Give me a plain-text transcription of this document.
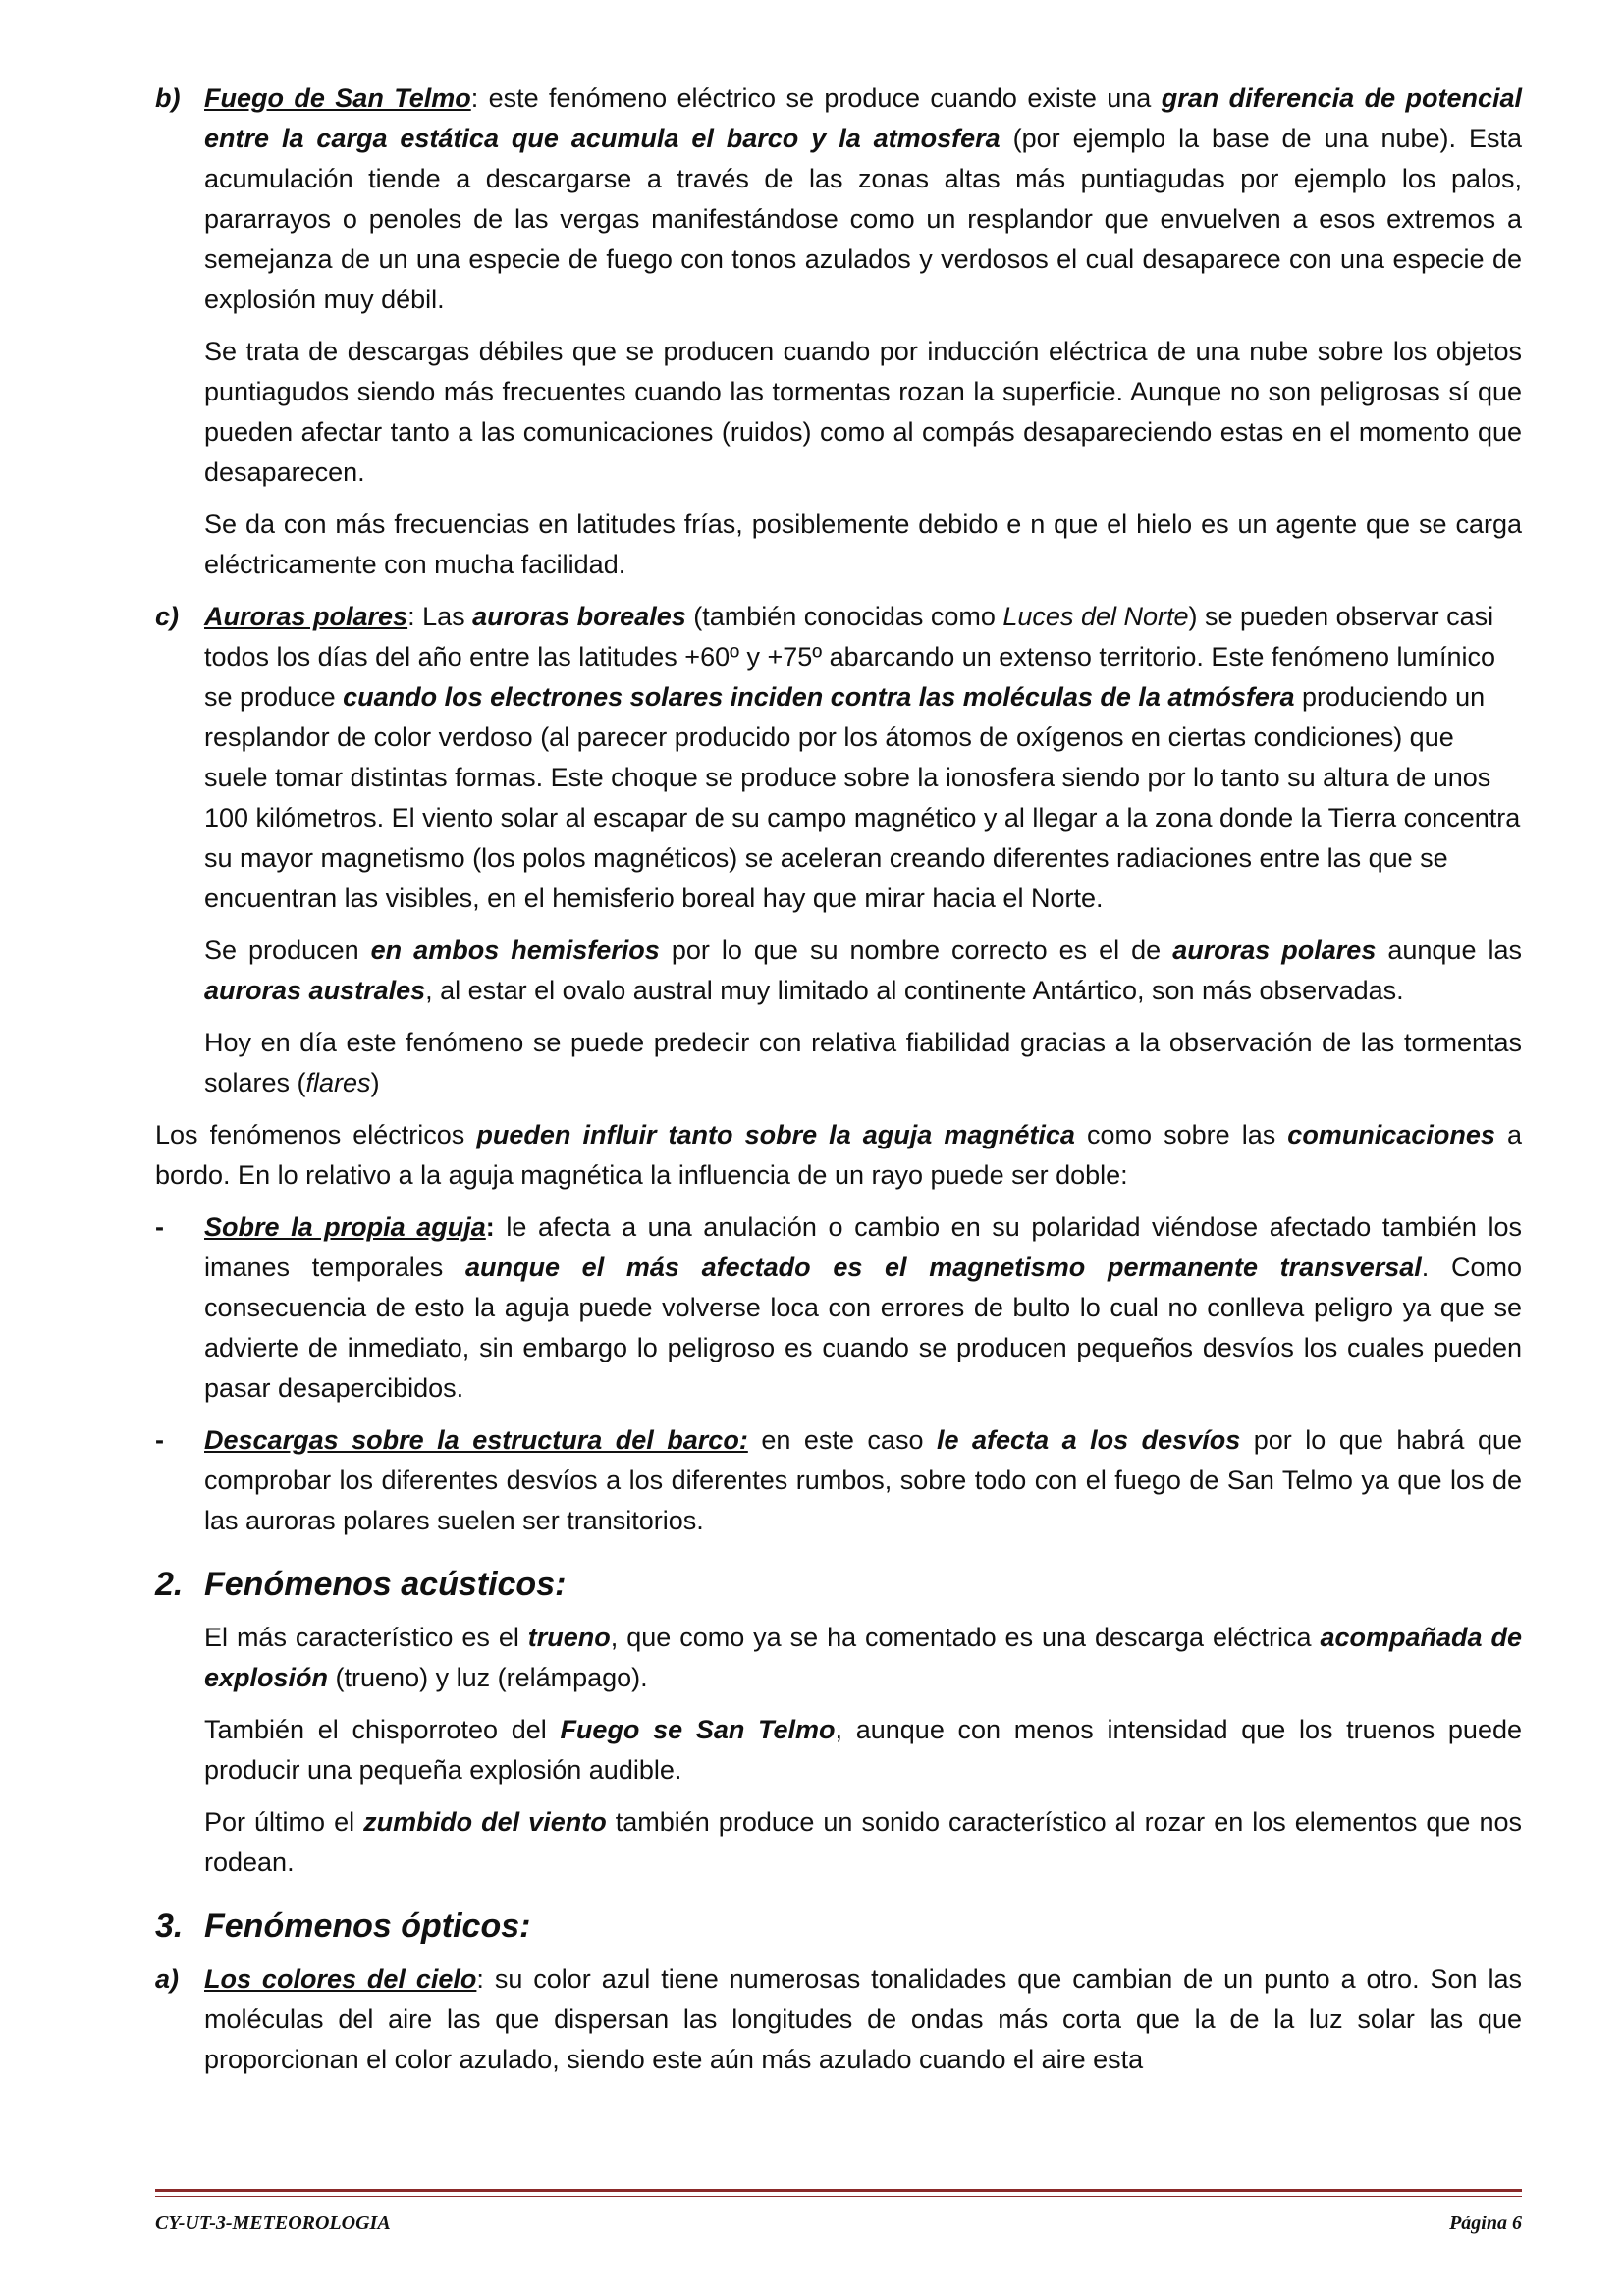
b) Fuego de San Telmo: este fenómeno eléctrico se produce cuando existe una gran diferencia de potencial entre la carga estática que acumula el barco y la atmosfera (por ejemplo la base de una nube). Esta acumulación tiende a descargarse a través de las zonas altas más puntiagudas por ejemplo los palos, pararrayos o penoles de las vergas manifestándose como un resplandor que envuelven a esos extremos a semejanza de un una especie de fuego con tonos azulados y verdosos el cual desaparece con una especie de explosión muy débil.

Se trata de descargas débiles que se producen cuando por inducción eléctrica de una nube sobre los objetos puntiagudos siendo más frecuentes cuando las tormentas rozan la superficie. Aunque no son peligrosas sí que pueden afectar tanto a las comunicaciones (ruidos) como al compás desapareciendo estas en el momento que desaparecen.

Se da con más frecuencias en latitudes frías, posiblemente debido e n que el hielo es un agente que se carga eléctricamente con mucha facilidad.

c) Auroras polares: Las auroras boreales (también conocidas como Luces del Norte) se pueden observar casi todos los días del año entre las latitudes +60º y +75º abarcando un extenso territorio. Este fenómeno lumínico se produce cuando los electrones solares inciden contra las moléculas de la atmósfera produciendo un resplandor de color verdoso (al parecer producido por los átomos de oxígenos en ciertas condiciones) que suele tomar distintas formas. Este choque se produce sobre la ionosfera siendo por lo tanto su altura de unos 100 kilómetros. El viento solar al escapar de su campo magnético y al llegar a la zona donde la Tierra concentra su mayor magnetismo (los polos magnéticos) se aceleran creando diferentes radiaciones entre las que se encuentran las visibles, en el hemisferio boreal hay que mirar hacia el Norte.

Se producen en ambos hemisferios por lo que su nombre correcto es el de auroras polares aunque las auroras australes, al estar el ovalo austral muy limitado al continente Antártico, son más observadas.

Hoy en día este fenómeno se puede predecir con relativa fiabilidad gracias a la observación de las tormentas solares (flares)

Los fenómenos eléctricos pueden influir tanto sobre la aguja magnética como sobre las comunicaciones a bordo. En lo relativo a la aguja magnética la influencia de un rayo puede ser doble:

- Sobre la propia aguja: le afecta a una anulación o cambio en su polaridad viéndose afectado también los imanes temporales aunque el más afectado es el magnetismo permanente transversal. Como consecuencia de esto la aguja puede volverse loca con errores de bulto lo cual no conlleva peligro ya que se advierte de inmediato, sin embargo lo peligroso es cuando se producen pequeños desvíos los cuales pueden pasar desapercibidos.

- Descargas sobre la estructura del barco: en este caso le afecta a los desvíos por lo que habrá que comprobar los diferentes desvíos a los diferentes rumbos, sobre todo con el fuego de San Telmo ya que los de las auroras polares suelen ser transitorios.

2. Fenómenos acústicos:

El más característico es el trueno, que como ya se ha comentado es una descarga eléctrica acompañada de explosión (trueno) y luz (relámpago).

También el chisporroteo del Fuego se San Telmo, aunque con menos intensidad que los truenos puede producir una pequeña explosión audible.

Por último el zumbido del viento también produce un sonido característico al rozar en los elementos que nos rodean.

3. Fenómenos ópticos:
a) Los colores del cielo: su color azul tiene numerosas tonalidades que cambian de un punto a otro. Son las moléculas del aire las que dispersan las longitudes de ondas más corta que la de la luz solar las que proporcionan el color azulado, siendo este aún más azulado cuando el aire esta

CY-UT-3-METEOROLOGIA	Página 6
